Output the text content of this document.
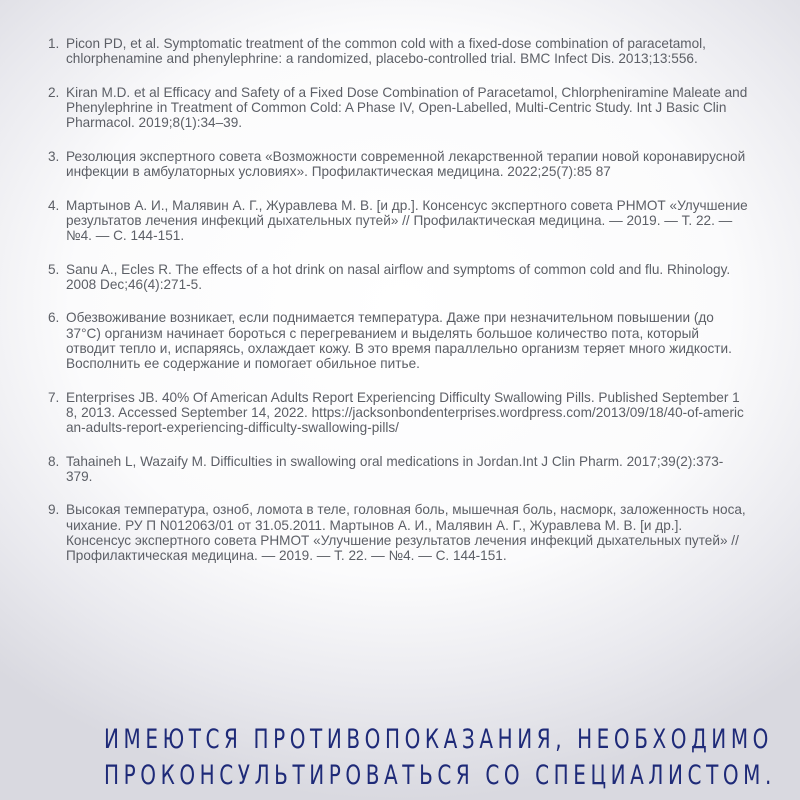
1. Picon PD, et al. Symptomatic treatment of the common cold with a fixed-dose combination of paracetamol, chlorphenamine and phenylephrine: a randomized, placebo-controlled trial. BMC Infect Dis. 2013;13:556.
2. Kiran M.D. et al Efficacy and Safety of a Fixed Dose Combination of Paracetamol, Chlorpheniramine Maleate and Phenylephrine in Treatment of Common Cold: A Phase IV, Open-Labelled, Multi-Centric Study. Int J Basic Clin Pharmacol. 2019;8(1):34–39.
3. Резолюция экспертного совета «Возможности современной лекарственной терапии новой коронавирусной инфекции в амбулаторных условиях». Профилактическая медицина. 2022;25(7):85 87
4. Мартынов А. И., Малявин А. Г., Журавлева М. В. [и др.]. Консенсус экспертного совета РНМОТ «Улучшение результатов лечения инфекций дыхательных путей» // Профилактическая медицина. — 2019. — Т. 22. — №4. — С. 144-151.
5. Sanu A., Ecles R. The effects of a hot drink on nasal airflow and symptoms of common cold and flu. Rhinology. 2008 Dec;46(4):271-5.
6. Обезвоживание возникает, если поднимается температура. Даже при незначительном повышении (до 37°C) организм начинает бороться с перегреванием и выделять большое количество пота, который отводит тепло и, испаряясь, охлаждает кожу. В это время параллельно организм теряет много жидкости. Восполнить ее содержание и помогает обильное питье.
7. Enterprises JB. 40% Of American Adults Report Experiencing Difficulty Swallowing Pills. Published September 18, 2013. Accessed September 14, 2022. https://jacksonbondenterprises.wordpress.com/2013/09/18/40-of-american-adults-report-experiencing-difficulty-swallowing-pills/
8. Tahaineh L, Wazaify M. Difficulties in swallowing oral medications in Jordan.Int J Clin Pharm. 2017;39(2):373-379.
9. Высокая температура, озноб, ломота в теле, головная боль, мышечная боль, насморк, заложенность носа, чихание. РУ П N012063/01 от 31.05.2011. Мартынов А. И., Малявин А. Г., Журавлева М. В. [и др.]. Консенсус экспертного совета РНМОТ «Улучшение результатов лечения инфекций дыхательных путей» // Профилактическая медицина. — 2019. — Т. 22. — №4. — С. 144-151.
ИМЕЮТСЯ ПРОТИВОПОКАЗАНИЯ, НЕОБХОДИМО
ПРОКОНСУЛЬТИРОВАТЬСЯ СО СПЕЦИАЛИСТОМ.
